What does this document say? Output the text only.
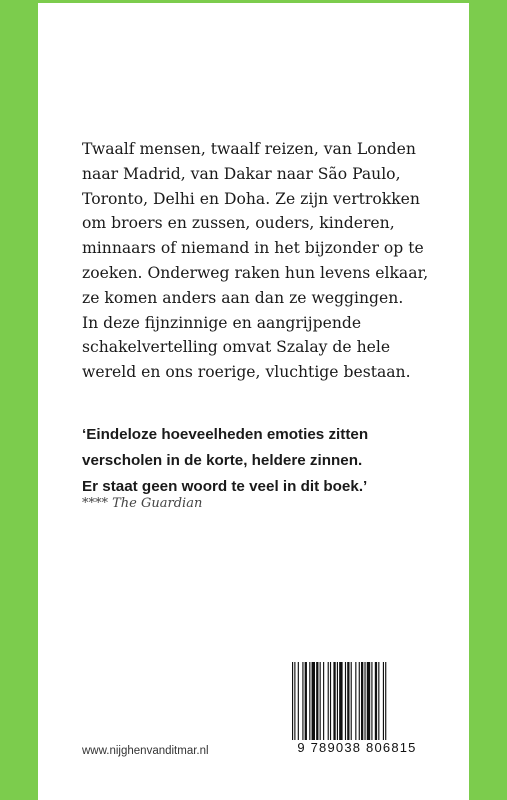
Twaalf mensen, twaalf reizen, van Londen
naar Madrid, van Dakar naar São Paulo,
Toronto, Delhi en Doha. Ze zijn vertrokken
om broers en zussen, ouders, kinderen,
minnaars of niemand in het bijzonder op te
zoeken. Onderweg raken hun levens elkaar,
ze komen anders aan dan ze weggingen.
In deze fijnzinnige en aangrijpende
schakelvertelling omvat Szalay de hele
wereld en ons roerige, vluchtige bestaan.

‘Eindeloze hoeveelheden emoties zitten
verscholen in de korte, heldere zinnen.
Er staat geen woord te veel in dit boek.’

**** The Guardian
www.nijghenvanditmar.nl	9 789038 806815
